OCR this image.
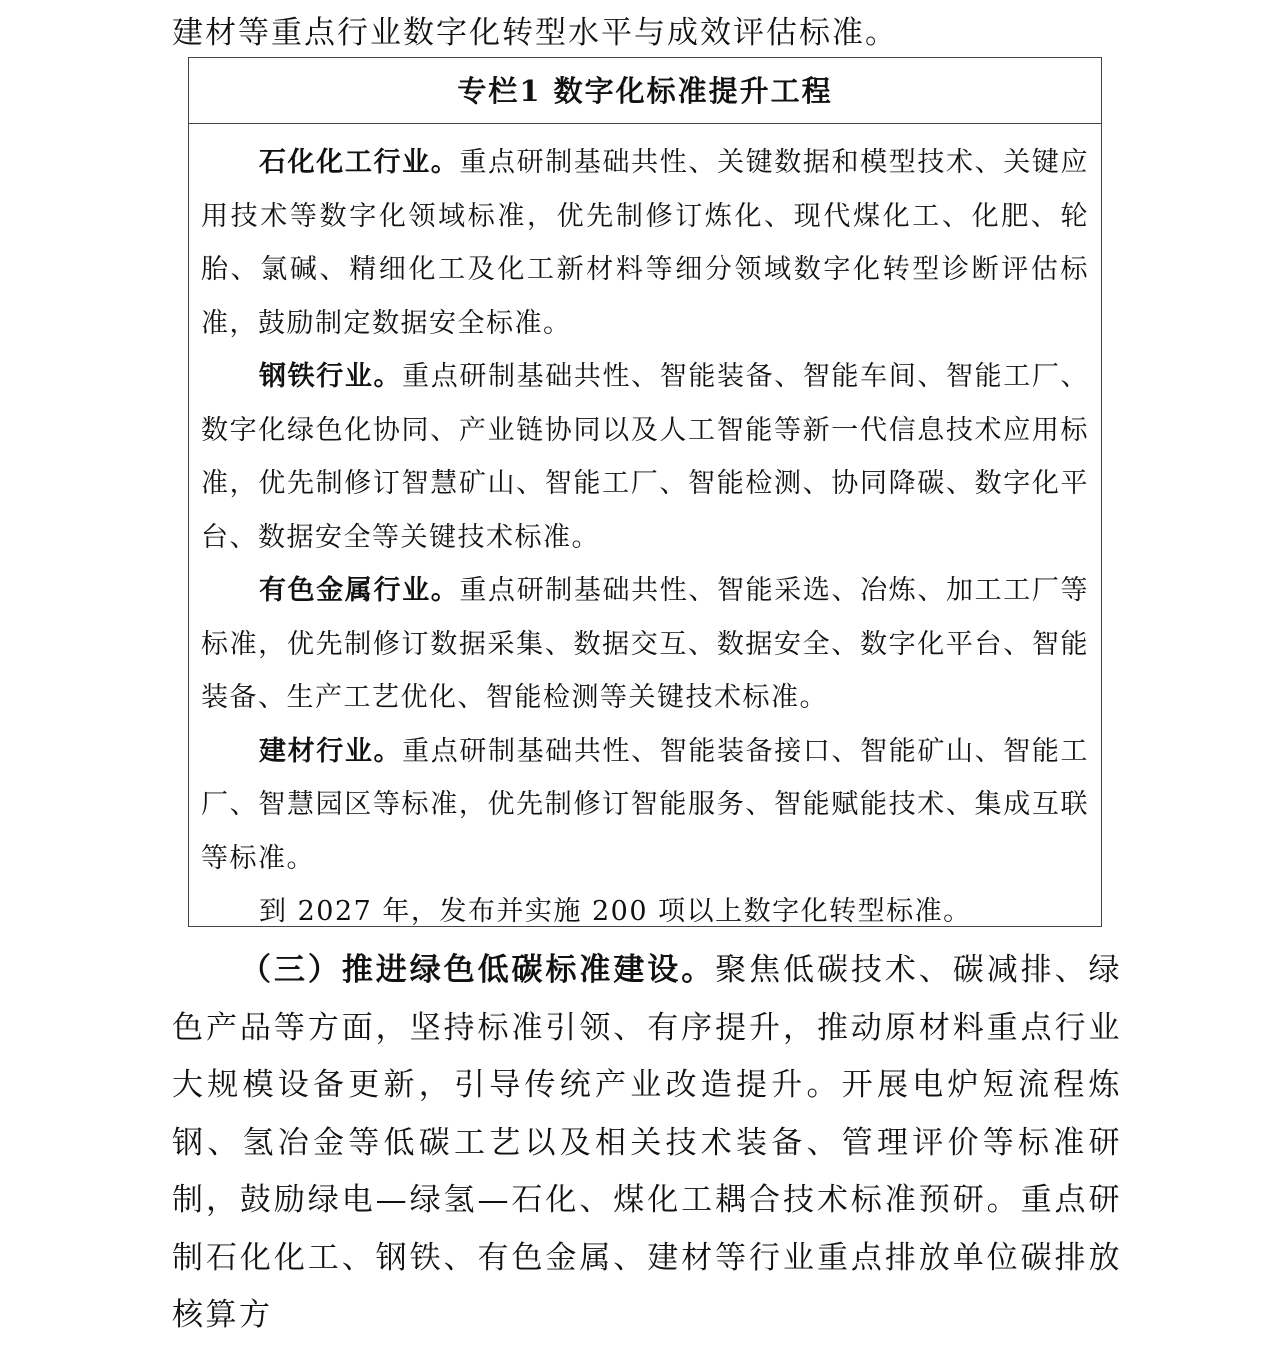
建材等重点行业数字化转型水平与成效评估标准。
专栏1 数字化标准提升工程

石化化工行业。重点研制基础共性、关键数据和模型技术、关键应用技术等数字化领域标准，优先制修订炼化、现代煤化工、化肥、轮胎、氯碱、精细化工及化工新材料等细分领域数字化转型诊断评估标准，鼓励制定数据安全标准。

钢铁行业。重点研制基础共性、智能装备、智能车间、智能工厂、数字化绿色化协同、产业链协同以及人工智能等新一代信息技术应用标准，优先制修订智慧矿山、智能工厂、智能检测、协同降碳、数字化平台、数据安全等关键技术标准。

有色金属行业。重点研制基础共性、智能采选、冶炼、加工工厂等标准，优先制修订数据采集、数据交互、数据安全、数字化平台、智能装备、生产工艺优化、智能检测等关键技术标准。

建材行业。重点研制基础共性、智能装备接口、智能矿山、智能工厂、智慧园区等标准，优先制修订智能服务、智能赋能技术、集成互联等标准。

到 2027 年，发布并实施 200 项以上数字化转型标准。

（三）推进绿色低碳标准建设。聚焦低碳技术、碳减排、绿色产品等方面，坚持标准引领、有序提升，推动原材料重点行业大规模设备更新，引导传统产业改造提升。开展电炉短流程炼钢、氢冶金等低碳工艺以及相关技术装备、管理评价等标准研制，鼓励绿电—绿氢—石化、煤化工耦合技术标准预研。重点研制石化化工、钢铁、有色金属、建材等行业重点排放单位碳排放核算方
